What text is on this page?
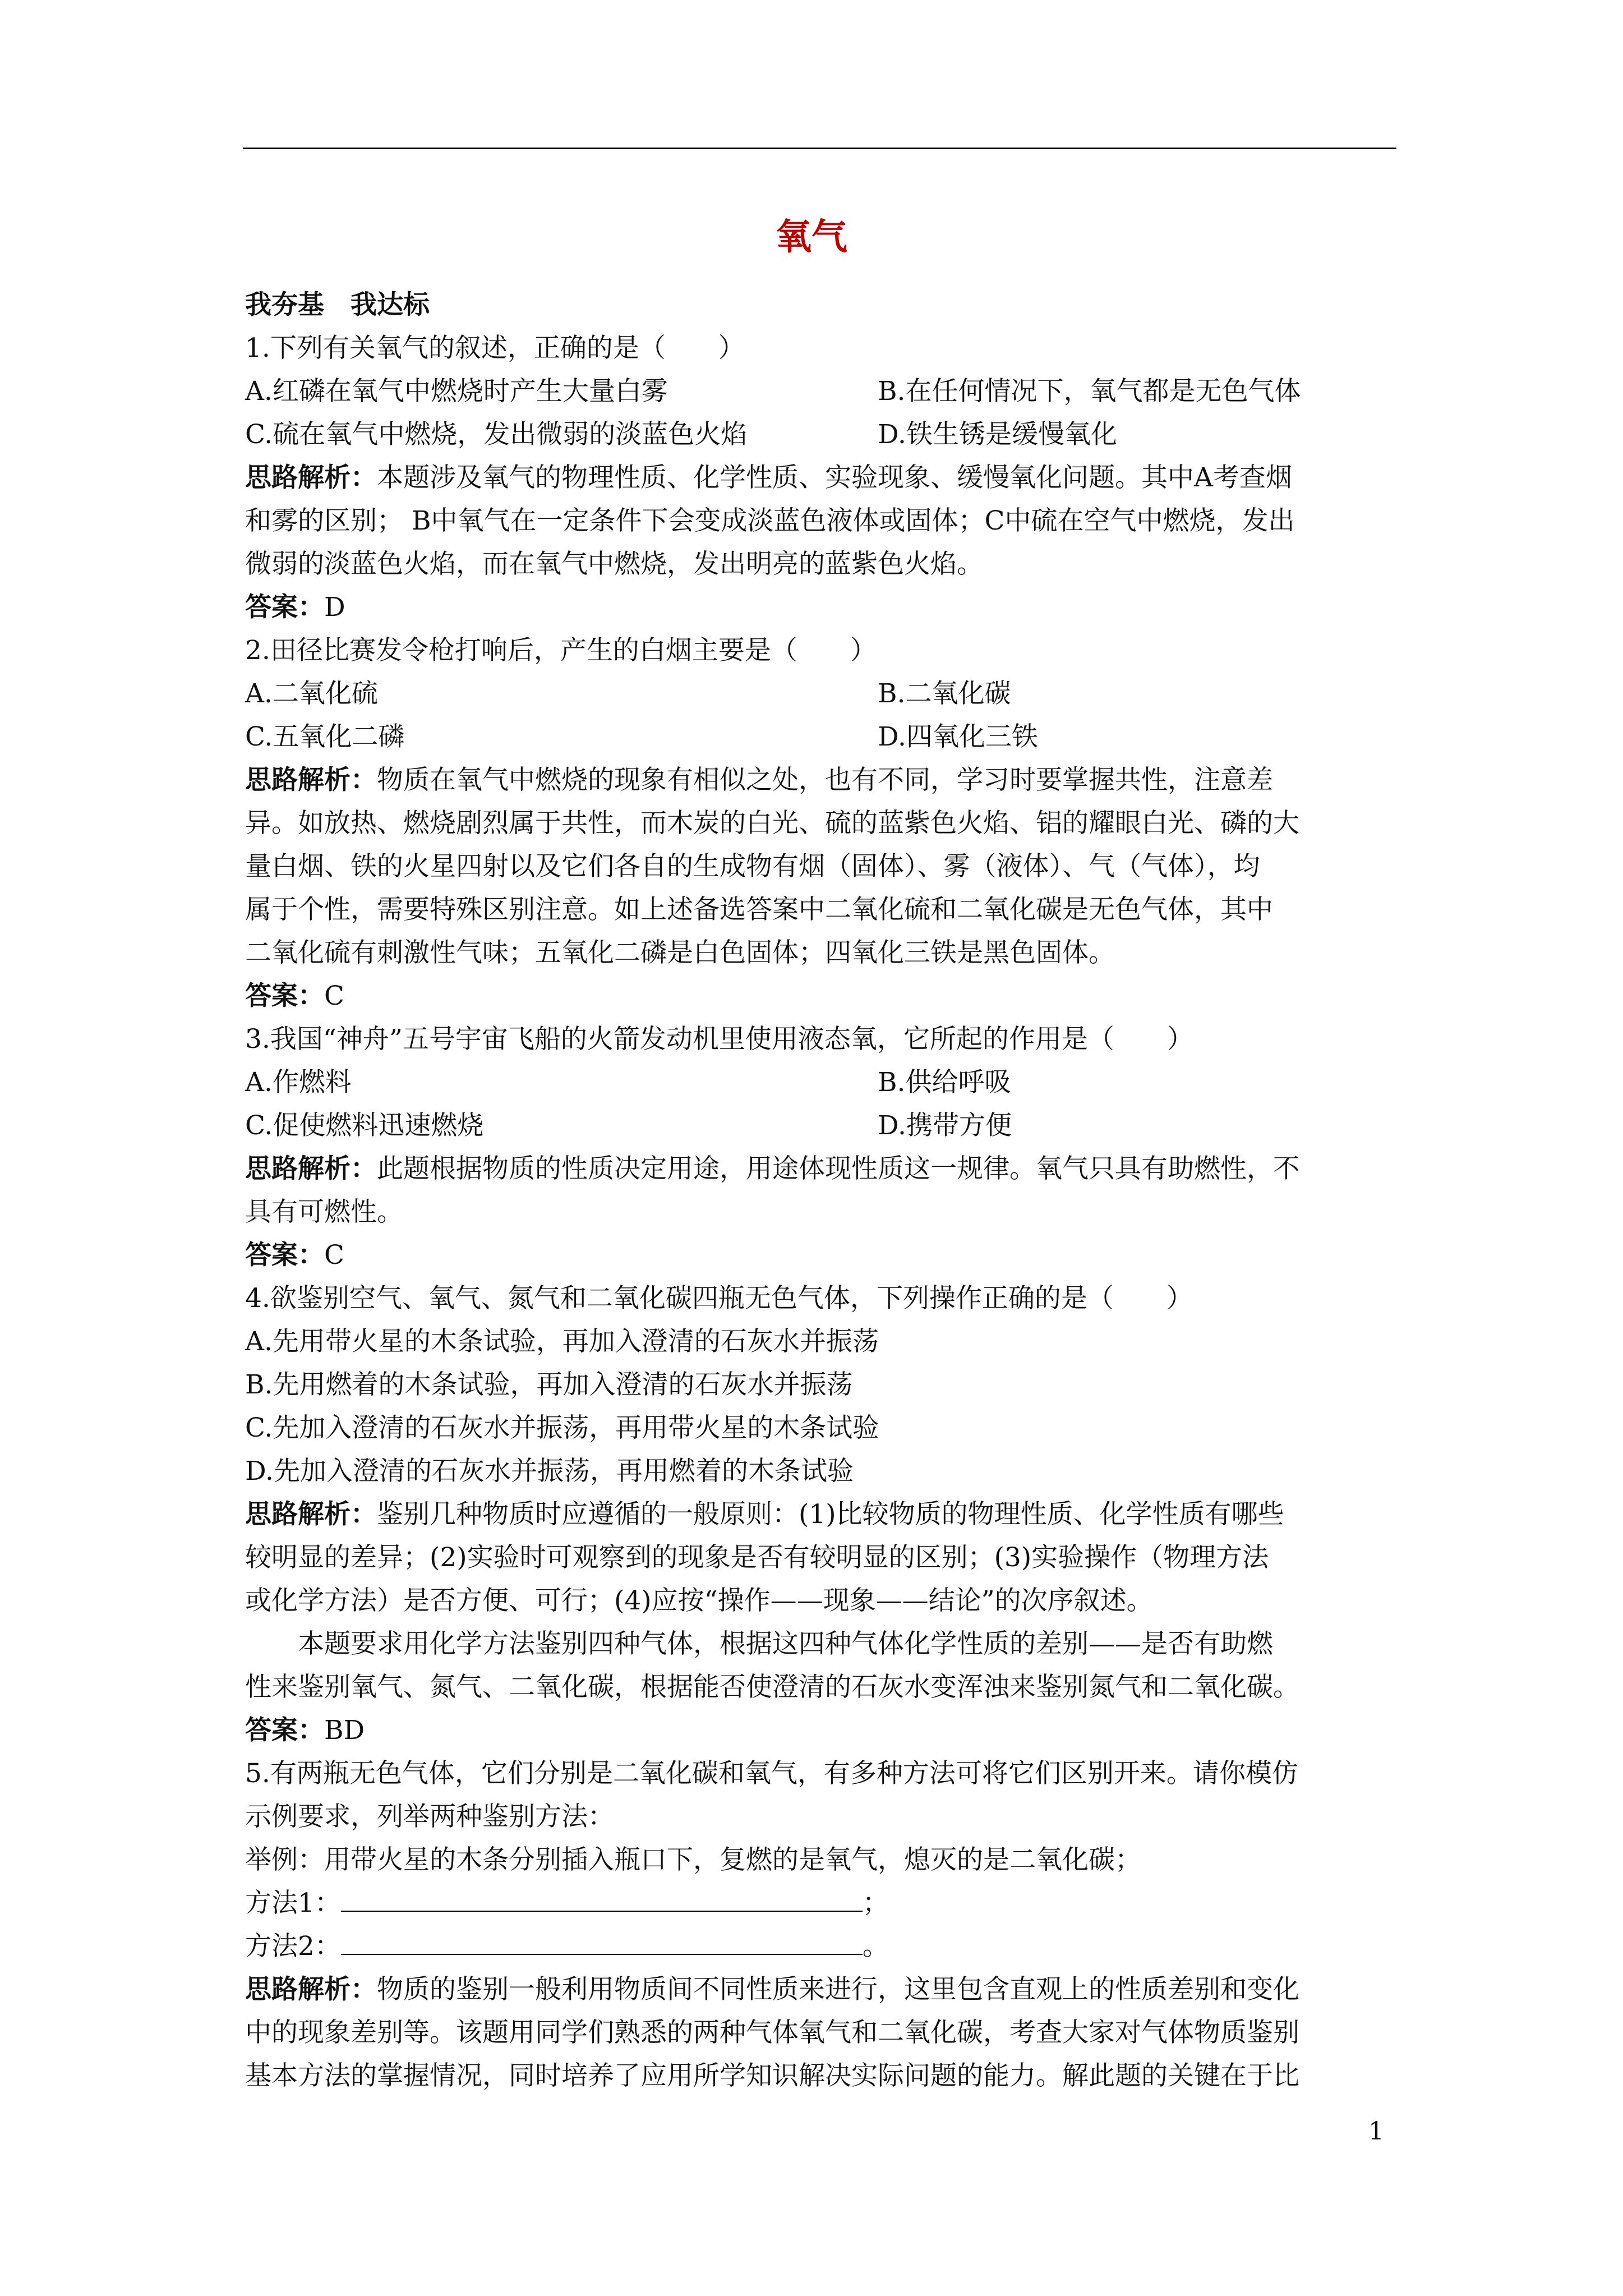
氧气
我夯基　我达标
1.下列有关氧气的叙述，正确的是（　　）
A.红磷在氧气中燃烧时产生大量白雾	B.在任何情况下，氧气都是无色气体
C.硫在氧气中燃烧，发出微弱的淡蓝色火焰	D.铁生锈是缓慢氧化
思路解析：本题涉及氧气的物理性质、化学性质、实验现象、缓慢氧化问题。其中A考查烟
和雾的区别； B中氧气在一定条件下会变成淡蓝色液体或固体；C中硫在空气中燃烧，发出
微弱的淡蓝色火焰，而在氧气中燃烧，发出明亮的蓝紫色火焰。
答案：D
2.田径比赛发令枪打响后，产生的白烟主要是（　　）
A.二氧化硫	B.二氧化碳
C.五氧化二磷	D.四氧化三铁
思路解析：物质在氧气中燃烧的现象有相似之处，也有不同，学习时要掌握共性，注意差
异。如放热、燃烧剧烈属于共性，而木炭的白光、硫的蓝紫色火焰、铝的耀眼白光、磷的大
量白烟、铁的火星四射以及它们各自的生成物有烟（固体）、雾（液体）、气（气体），均
属于个性，需要特殊区别注意。如上述备选答案中二氧化硫和二氧化碳是无色气体，其中
二氧化硫有刺激性气味；五氧化二磷是白色固体；四氧化三铁是黑色固体。
答案：C
3.我国“神舟”五号宇宙飞船的火箭发动机里使用液态氧，它所起的作用是（　　）
A.作燃料	B.供给呼吸
C.促使燃料迅速燃烧	D.携带方便
思路解析：此题根据物质的性质决定用途，用途体现性质这一规律。氧气只具有助燃性，不
具有可燃性。
答案：C
4.欲鉴别空气、氧气、氮气和二氧化碳四瓶无色气体，下列操作正确的是（　　）
A.先用带火星的木条试验，再加入澄清的石灰水并振荡
B.先用燃着的木条试验，再加入澄清的石灰水并振荡
C.先加入澄清的石灰水并振荡，再用带火星的木条试验
D.先加入澄清的石灰水并振荡，再用燃着的木条试验
思路解析：鉴别几种物质时应遵循的一般原则：(1)比较物质的物理性质、化学性质有哪些
较明显的差异；(2)实验时可观察到的现象是否有较明显的区别；(3)实验操作（物理方法
或化学方法）是否方便、可行；(4)应按“操作——现象——结论”的次序叙述。
本题要求用化学方法鉴别四种气体，根据这四种气体化学性质的差别——是否有助燃
性来鉴别氧气、氮气、二氧化碳，根据能否使澄清的石灰水变浑浊来鉴别氮气和二氧化碳。
答案：BD
5.有两瓶无色气体，它们分别是二氧化碳和氧气，有多种方法可将它们区别开来。请你模仿
示例要求，列举两种鉴别方法：
举例：用带火星的木条分别插入瓶口下，复燃的是氧气，熄灭的是二氧化碳；
方法1：	；
方法2：	。
思路解析：物质的鉴别一般利用物质间不同性质来进行，这里包含直观上的性质差别和变化
中的现象差别等。该题用同学们熟悉的两种气体氧气和二氧化碳，考查大家对气体物质鉴别
基本方法的掌握情况，同时培养了应用所学知识解决实际问题的能力。解此题的关键在于比
1
